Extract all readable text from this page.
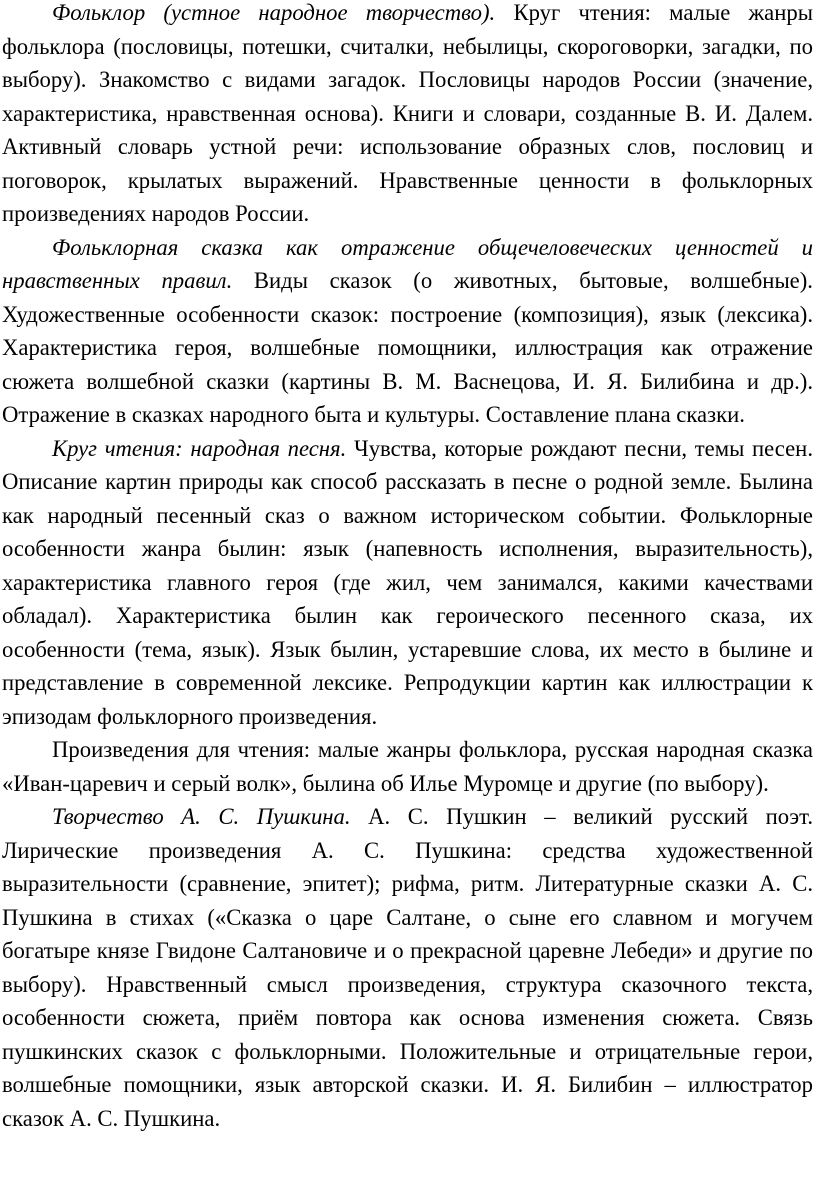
Фольклор (устное народное творчество). Круг чтения: малые жанры фольклора (пословицы, потешки, считалки, небылицы, скороговорки, загадки, по выбору). Знакомство с видами загадок. Пословицы народов России (значение, характеристика, нравственная основа). Книги и словари, созданные В. И. Далем. Активный словарь устной речи: использование образных слов, пословиц и поговорок, крылатых выражений. Нравственные ценности в фольклорных произведениях народов России.

Фольклорная сказка как отражение общечеловеческих ценностей и нравственных правил. Виды сказок (о животных, бытовые, волшебные). Художественные особенности сказок: построение (композиция), язык (лексика). Характеристика героя, волшебные помощники, иллюстрация как отражение сюжета волшебной сказки (картины В. М. Васнецова, И. Я. Билибина и др.). Отражение в сказках народного быта и культуры. Составление плана сказки.

Круг чтения: народная песня. Чувства, которые рождают песни, темы песен. Описание картин природы как способ рассказать в песне о родной земле. Былина как народный песенный сказ о важном историческом событии. Фольклорные особенности жанра былин: язык (напевность исполнения, выразительность), характеристика главного героя (где жил, чем занимался, какими качествами обладал). Характеристика былин как героического песенного сказа, их особенности (тема, язык). Язык былин, устаревшие слова, их место в былине и представление в современной лексике. Репродукции картин как иллюстрации к эпизодам фольклорного произведения.

Произведения для чтения: малые жанры фольклора, русская народная сказка «Иван-царевич и серый волк», былина об Илье Муромце и другие (по выбору).

Творчество А. С. Пушкина. А. С. Пушкин – великий русский поэт. Лирические произведения А. С. Пушкина: средства художественной выразительности (сравнение, эпитет); рифма, ритм. Литературные сказки А. С. Пушкина в стихах («Сказка о царе Салтане, о сыне его славном и могучем богатыре князе Гвидоне Салтановиче и о прекрасной царевне Лебеди» и другие по выбору). Нравственный смысл произведения, структура сказочного текста, особенности сюжета, приём повтора как основа изменения сюжета. Связь пушкинских сказок с фольклорными. Положительные и отрицательные герои, волшебные помощники, язык авторской сказки. И. Я. Билибин – иллюстратор сказок А. С. Пушкина.
